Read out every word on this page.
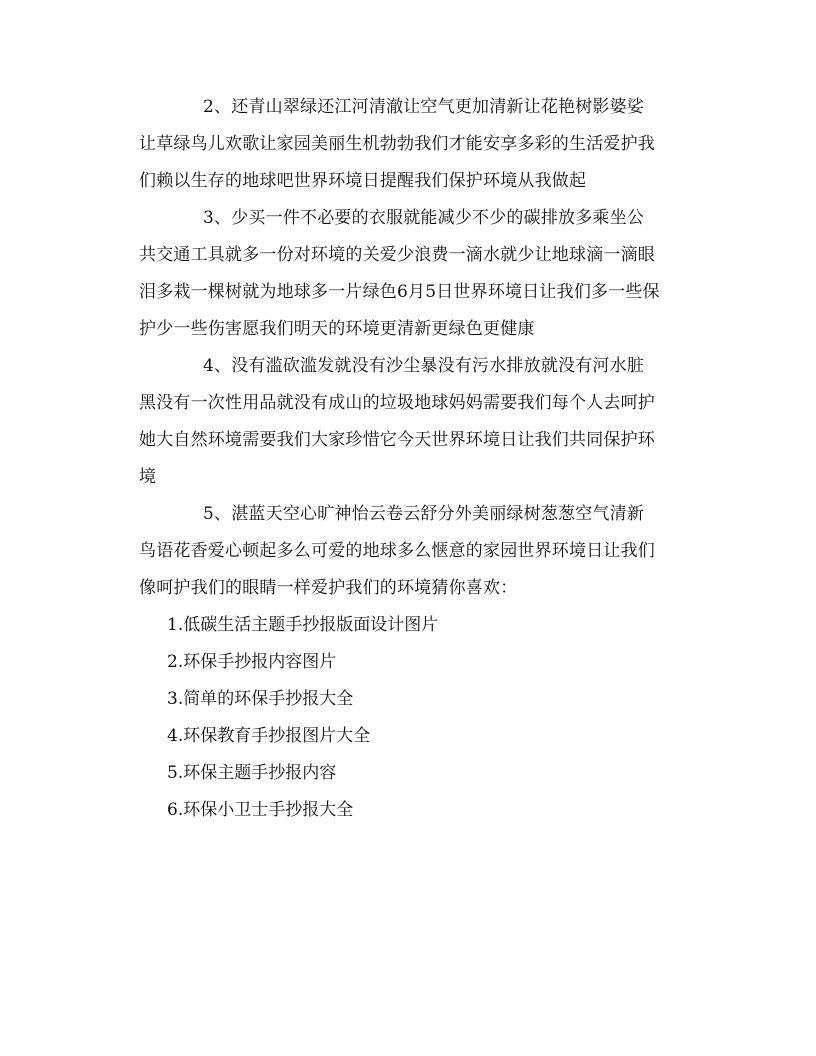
2、还青山翠绿还江河清澈让空气更加清新让花艳树影婆娑
让草绿鸟儿欢歌让家园美丽生机勃勃我们才能安享多彩的生活爱护我
们赖以生存的地球吧世界环境日提醒我们保护环境从我做起
3、少买一件不必要的衣服就能减少不少的碳排放多乘坐公
共交通工具就多一份对环境的关爱少浪费一滴水就少让地球滴一滴眼
泪多栽一棵树就为地球多一片绿色6月5日世界环境日让我们多一些保
护少一些伤害愿我们明天的环境更清新更绿色更健康
4、没有滥砍滥发就没有沙尘暴没有污水排放就没有河水脏
黑没有一次性用品就没有成山的垃圾地球妈妈需要我们每个人去呵护
她大自然环境需要我们大家珍惜它今天世界环境日让我们共同保护环
境
5、湛蓝天空心旷神怡云卷云舒分外美丽绿树葱葱空气清新
鸟语花香爱心顿起多么可爱的地球多么惬意的家园世界环境日让我们
像呵护我们的眼睛一样爱护我们的环境猜你喜欢：
1.低碳生活主题手抄报版面设计图片
2.环保手抄报内容图片
3.简单的环保手抄报大全
4.环保教育手抄报图片大全
5.环保主题手抄报内容
6.环保小卫士手抄报大全
